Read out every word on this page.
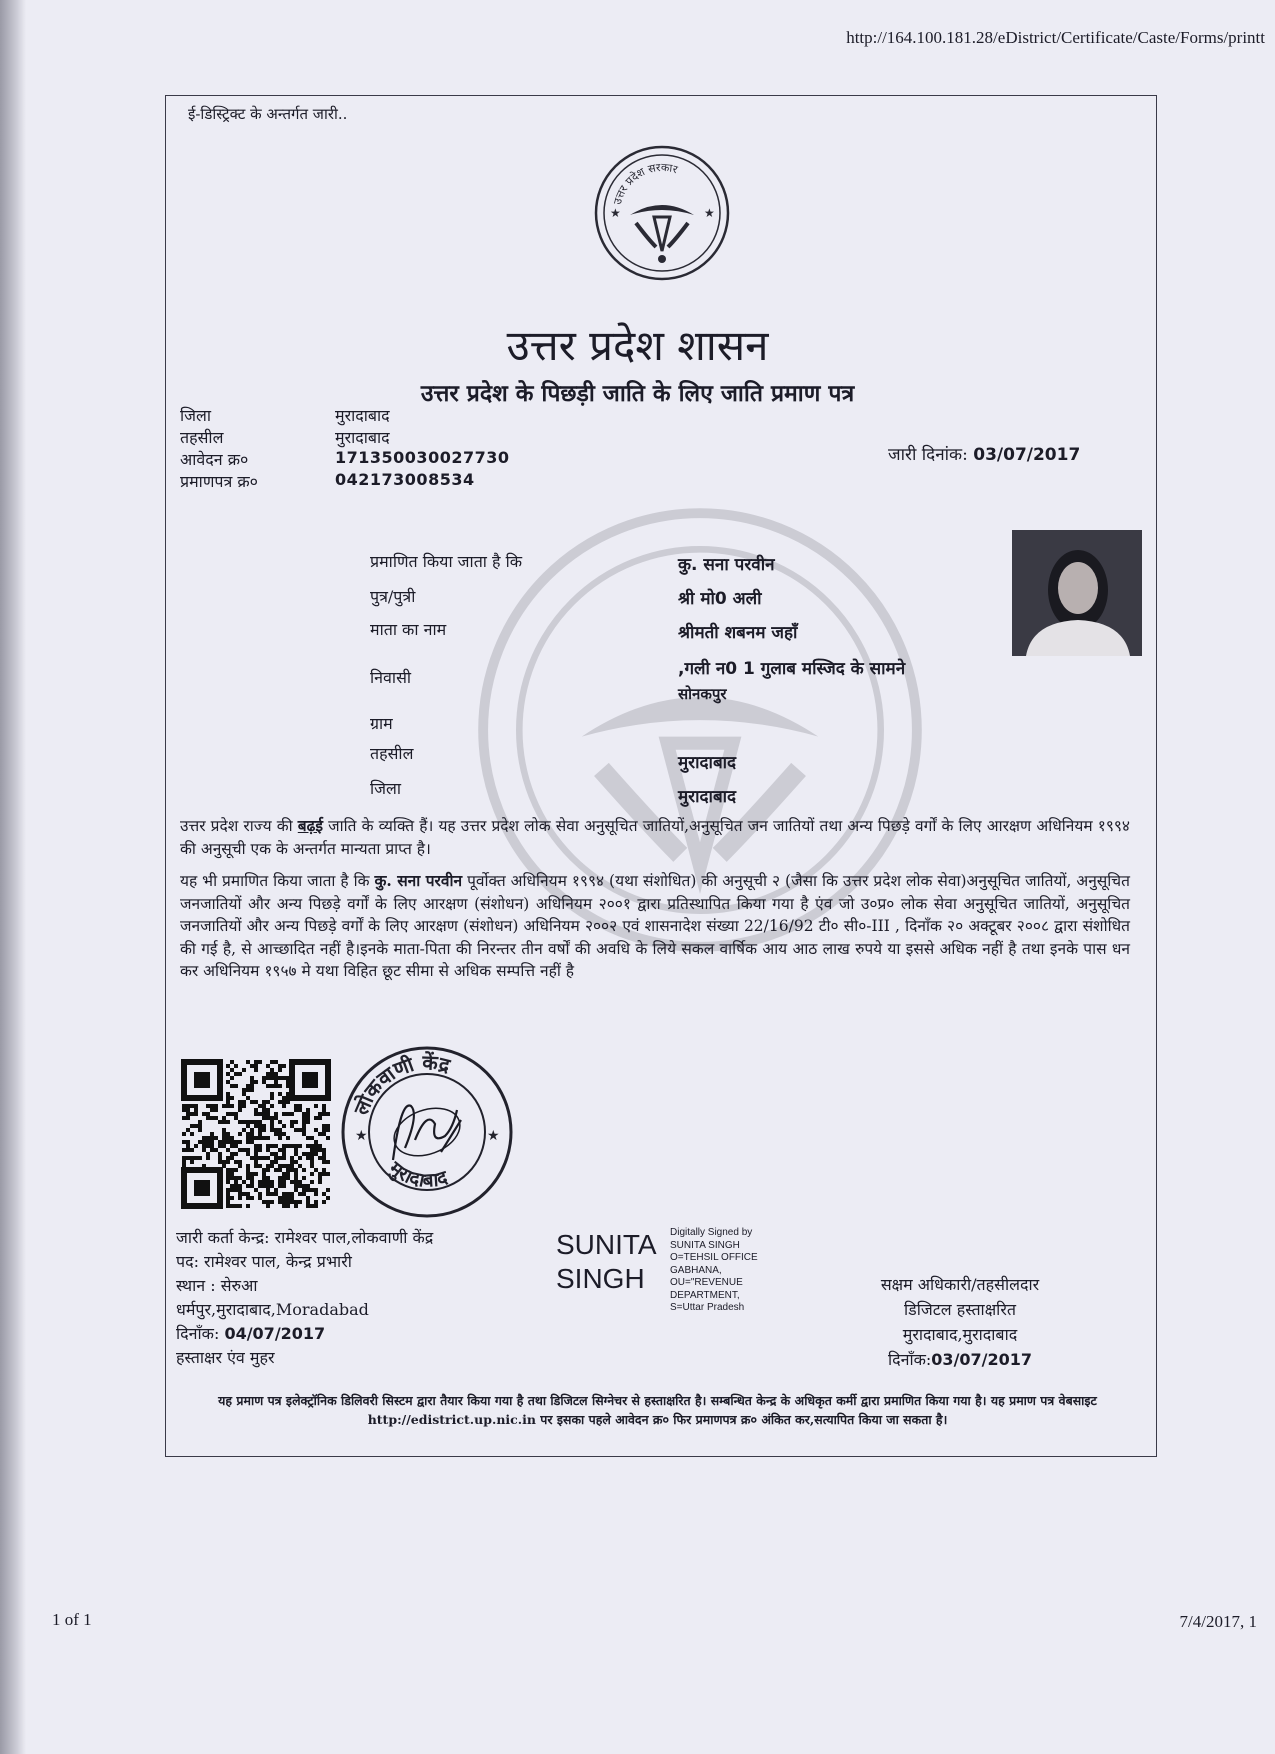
http://164.100.181.28/eDistrict/Certificate/Caste/Forms/printt
ई-डिस्ट्रिक्ट के अन्तर्गत जारी..
उत्तर प्रदेश सरकार
★	★
उत्तर प्रदेश शासन
उत्तर प्रदेश के पिछड़ी जाति के लिए जाति प्रमाण पत्र
जिला	मुरादाबाद
तहसील	मुरादाबाद
आवेदन क्र०	171350030027730
प्रमाणपत्र क्र०	042173008534
जारी दिनांक: 03/07/2017
प्रमाणित किया जाता है कि	कु. सना परवीन
पुत्र/पुत्री	श्री मो0 अली
माता का नाम	श्रीमती शबनम जहाँ
निवासी	,गली न0 1 गुलाब मस्जिद के सामने
सोनकपुर
ग्राम
तहसील	मुरादाबाद
जिला	मुरादाबाद
उत्तर प्रदेश राज्य की बढ़ई जाति के व्यक्ति हैं। यह उत्तर प्रदेश लोक सेवा अनुसूचित जातियों,अनुसूचित जन जातियों तथा अन्य पिछड़े वर्गों के लिए आरक्षण अधिनियम १९९४ की अनुसूची एक के अन्तर्गत मान्यता प्राप्त है।
यह भी प्रमाणित किया जाता है कि कु. सना परवीन पूर्वोक्त अधिनियम १९९४ (यथा संशोधित) की अनुसूची २ (जैसा कि उत्तर प्रदेश लोक सेवा)अनुसूचित जातियों, अनुसूचित जनजातियों और अन्य पिछड़े वर्गों के लिए आरक्षण (संशोधन) अधिनियम २००१ द्वारा प्रतिस्थापित किया गया है एंव जो उ०प्र० लोक सेवा अनुसूचित जातियों, अनुसूचित जनजातियों और अन्य पिछड़े वर्गों के लिए आरक्षण (संशोधन) अधिनियम २००२ एवं शासनादेश संख्या 22/16/92 टी० सी०-III , दिनाँक २० अक्टूबर २००८ द्वारा संशोधित की गई है, से आच्छादित नहीं है।इनके माता-पिता की निरन्तर तीन वर्षों की अवधि के लिये सकल वार्षिक आय आठ लाख रुपये या इससे अधिक नहीं है तथा इनके पास धन कर अधिनियम १९५७ मे यथा विहित छूट सीमा से अधिक सम्पत्ति नहीं है
लोकवाणी केंद्र
मुरादाबाद
★	★
जारी कर्ता केन्द्र: रामेश्वर पाल,लोकवाणी केंद्र
पद: रामेश्वर पाल, केन्द्र प्रभारी
स्थान : सेरुआ
धर्मपुर,मुरादाबाद,Moradabad
दिनाँक: 04/07/2017
हस्ताक्षर एंव मुहर
SUNITA
SINGH
Digitally Signed by
SUNITA SINGH
O=TEHSIL OFFICE
GABHANA,
OU="REVENUE
DEPARTMENT,
S=Uttar Pradesh
सक्षम अधिकारी/तहसीलदार
डिजिटल हस्ताक्षरित
मुरादाबाद,मुरादाबाद
दिनाँक:03/07/2017
यह प्रमाण पत्र इलेक्ट्रॉनिक डिलिवरी सिस्टम द्वारा तैयार किया गया है तथा डिजिटल सिग्नेचर से हस्ताक्षरित है। सम्बन्धित केन्द्र के अधिकृत कर्मी द्वारा प्रमाणित किया गया है। यह प्रमाण पत्र वेबसाइट http://edistrict.up.nic.in पर इसका पहले आवेदन क्र० फिर प्रमाणपत्र क्र० अंकित कर,सत्यापित किया जा सकता है।
1 of 1	7/4/2017, 1
